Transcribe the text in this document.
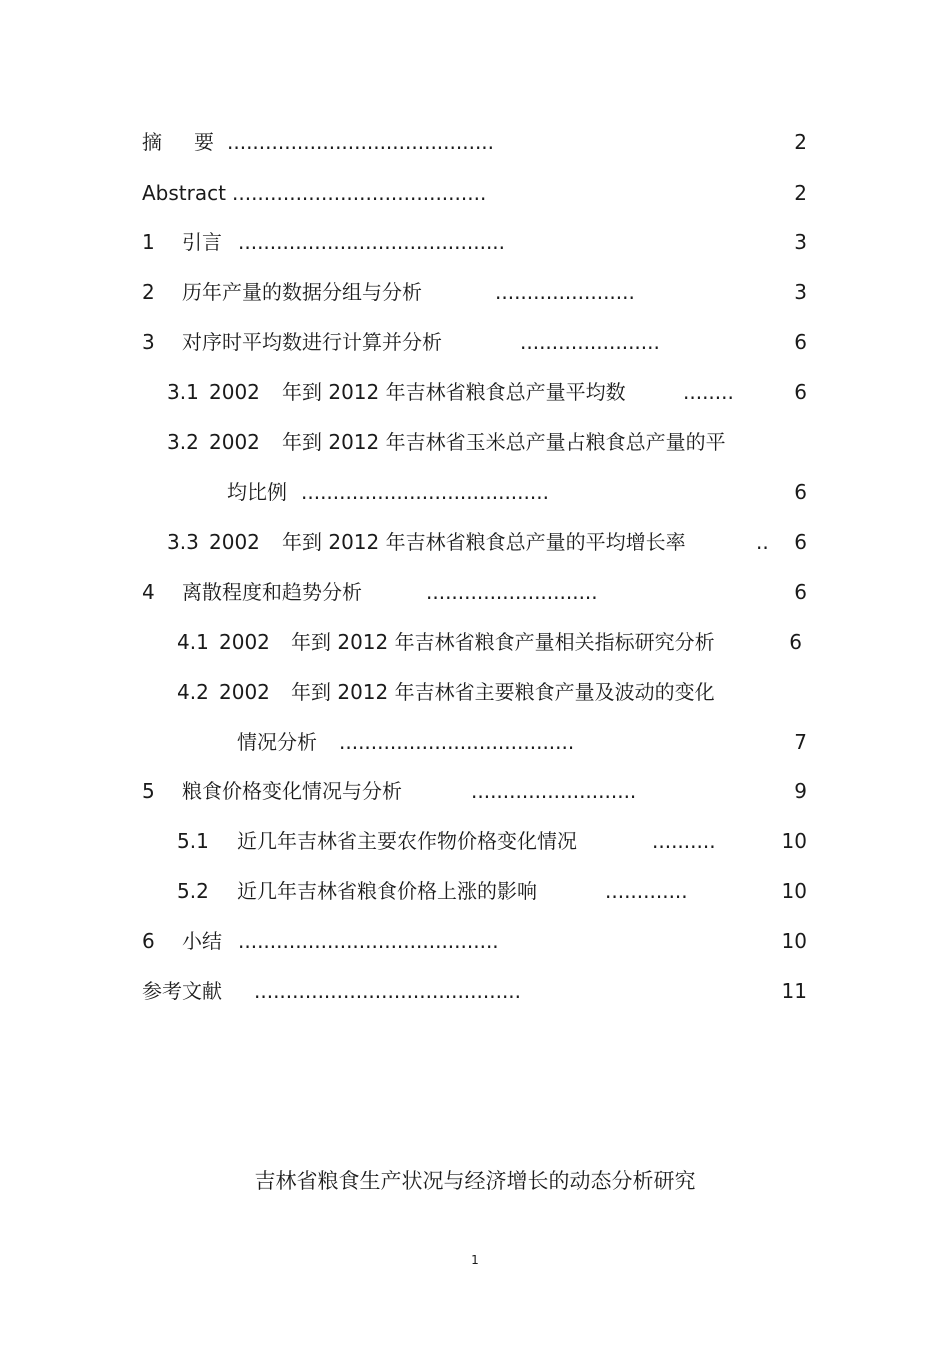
摘 要 ..........................................	2
Abstract ........................................	2
1 引言 ..........................................	3
2 历年产量的数据分组与分析	......................	3
3 对序时平均数进行计算并分析	......................	6
3.1 2002 年到 2012 年吉林省粮食总产量平均数	........	6
3.2 2002 年到 2012 年吉林省玉米总产量占粮食总产量的平
均比例 .......................................	6
3.3 2002 年到 2012 年吉林省粮食总产量的平均增长率	..	6
4 离散程度和趋势分析	...........................	6
4.1 2002 年到 2012 年吉林省粮食产量相关指标研究分析	6
4.2 2002 年到 2012 年吉林省主要粮食产量及波动的变化
情况分析 .....................................	7
5 粮食价格变化情况与分析	..........................	9
5.1 近几年吉林省主要农作物价格变化情况	..........	10
5.2 近几年吉林省粮食价格上涨的影响	.............	10
6 小结 .........................................	10
参考文献 ..........................................	11
吉林省粮食生产状况与经济增长的动态分析研究
1
